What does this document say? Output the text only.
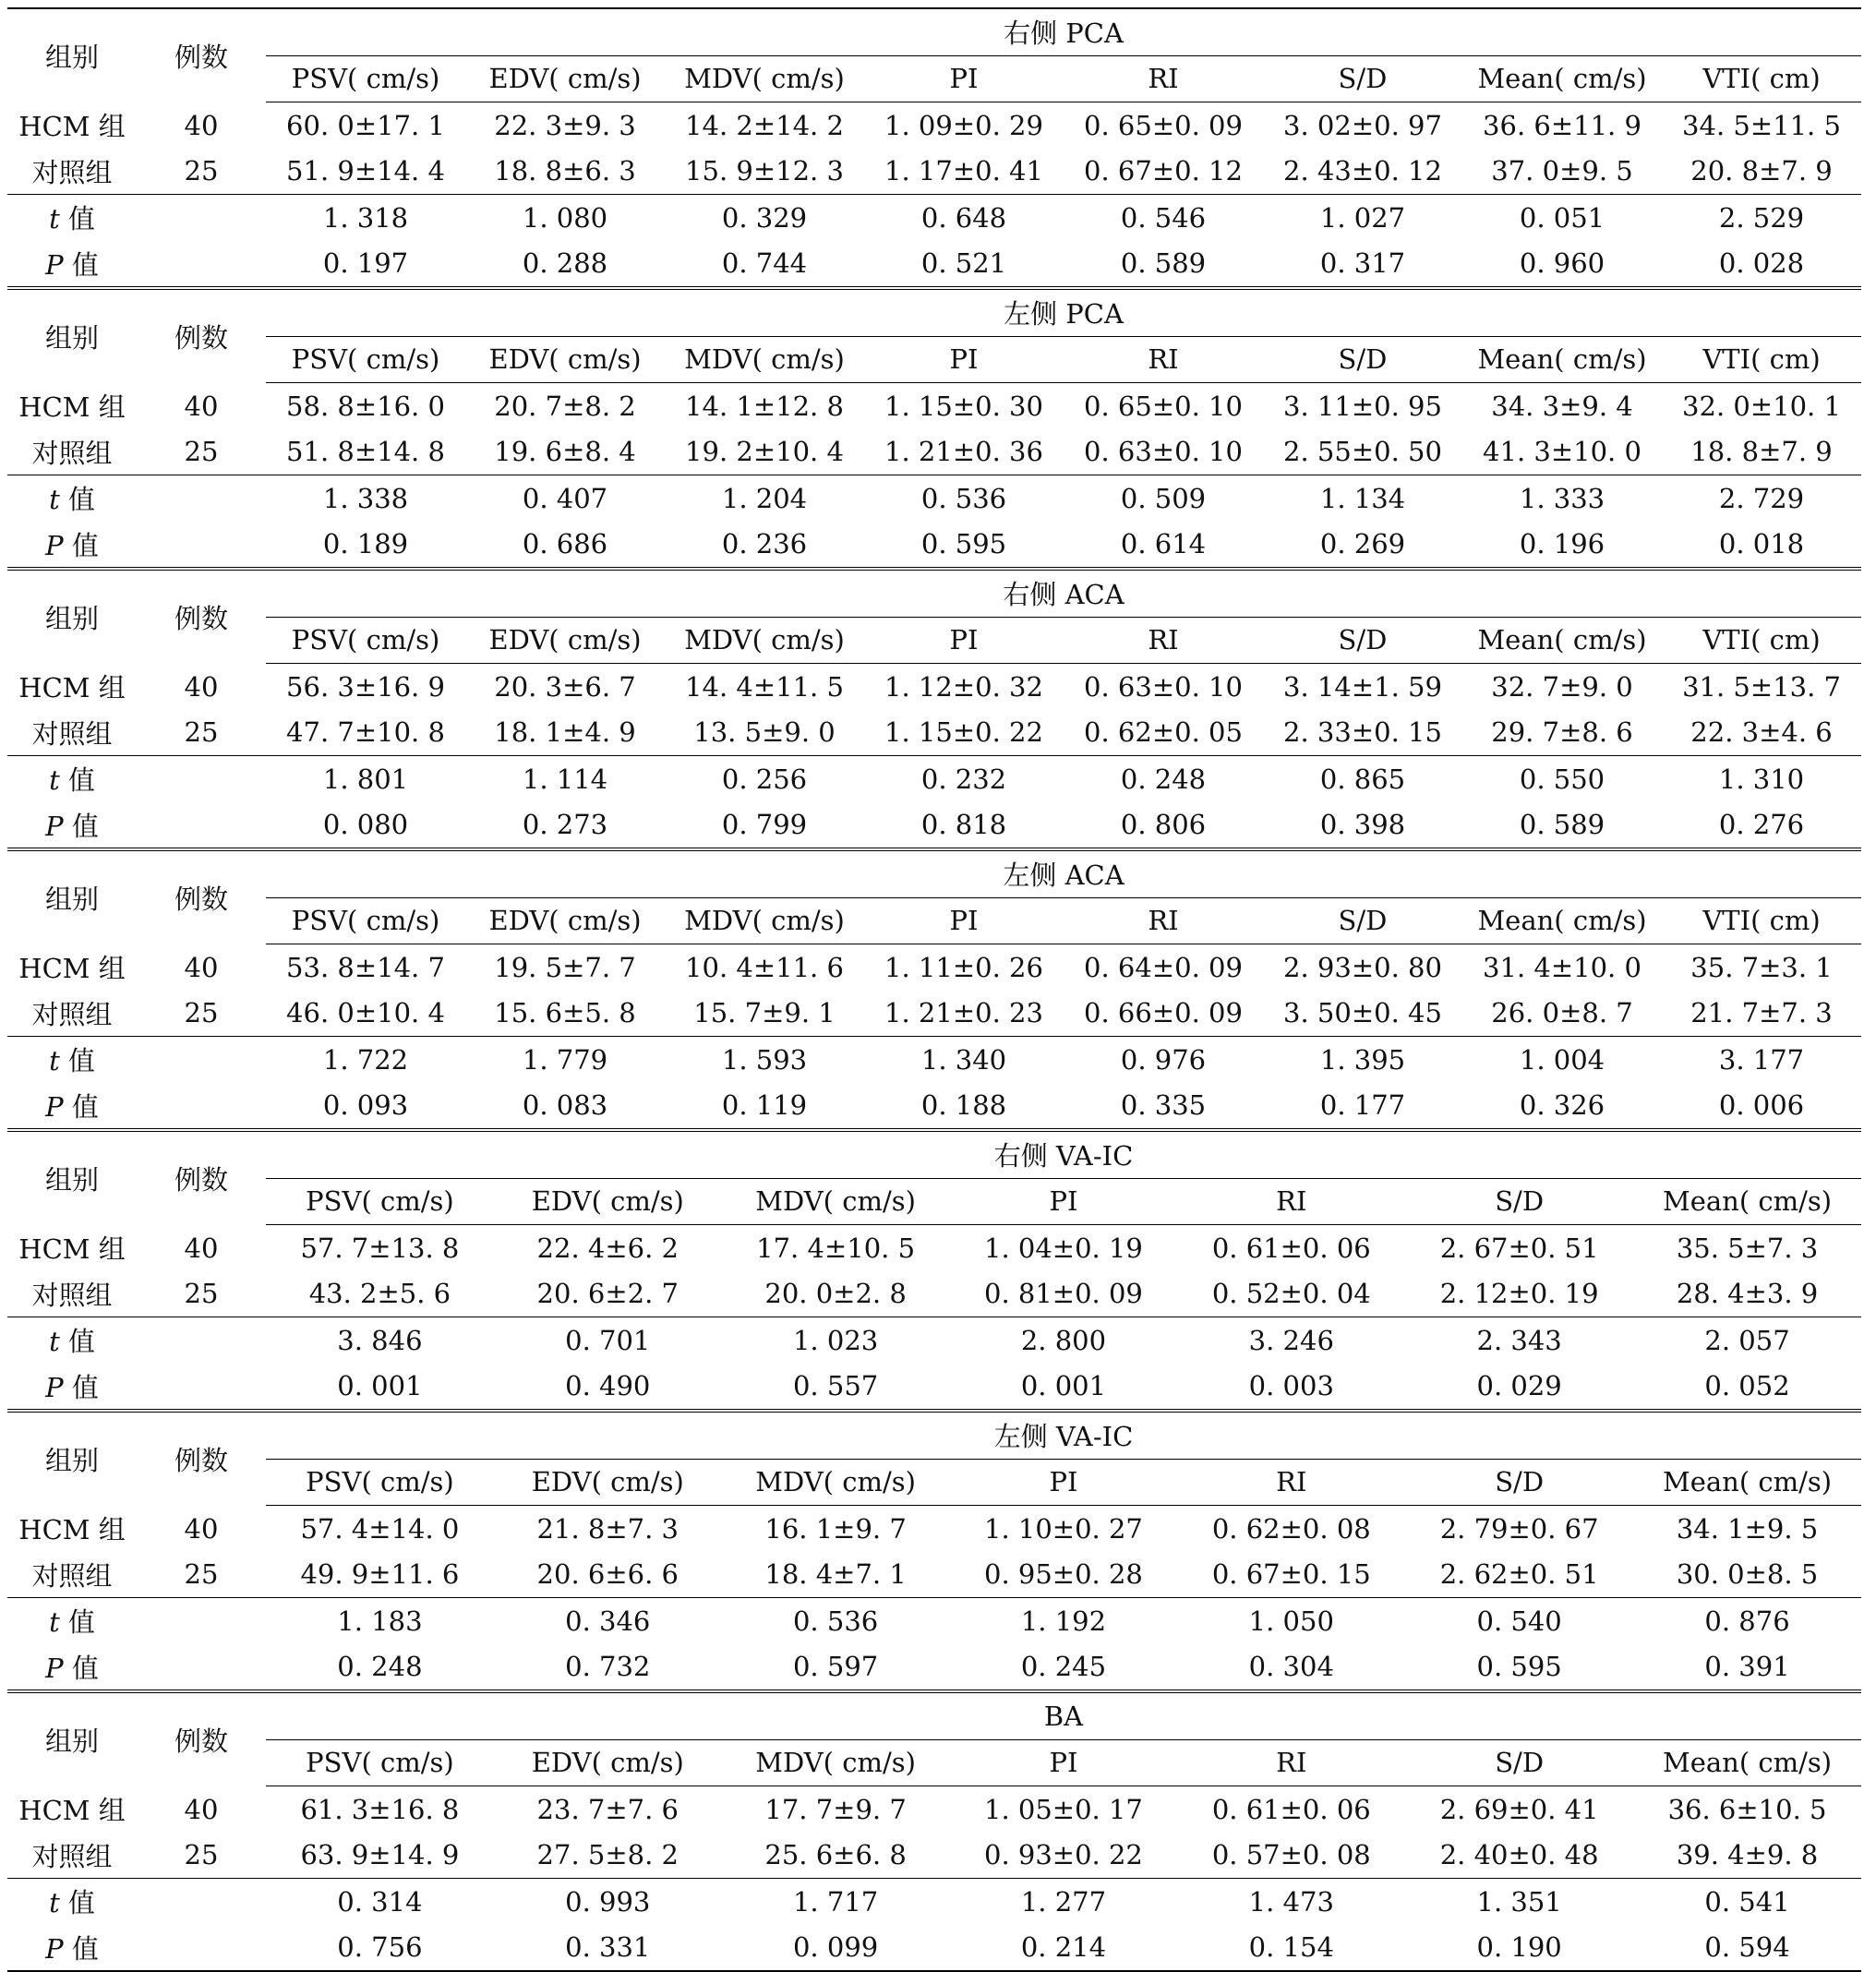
组别	例数	右侧 PCA							
		PSV( cm/s)	EDV( cm/s)	MDV( cm/s)	PI	RI	S/D	Mean( cm/s)	VTI( cm)
HCM 组	40	60. 0±17. 1	22. 3±9. 3	14. 2±14. 2	1. 09±0. 29	0. 65±0. 09	3. 02±0. 97	36. 6±11. 9	34. 5±11. 5
对照组	25	51. 9±14. 4	18. 8±6. 3	15. 9±12. 3	1. 17±0. 41	0. 67±0. 12	2. 43±0. 12	37. 0±9. 5	20. 8±7. 9
t 值		1. 318	1. 080	0. 329	0. 648	0. 546	1. 027	0. 051	2. 529
P 值		0. 197	0. 288	0. 744	0. 521	0. 589	0. 317	0. 960	0. 028
组别	例数	左侧 PCA							
		PSV( cm/s)	EDV( cm/s)	MDV( cm/s)	PI	RI	S/D	Mean( cm/s)	VTI( cm)
HCM 组	40	58. 8±16. 0	20. 7±8. 2	14. 1±12. 8	1. 15±0. 30	0. 65±0. 10	3. 11±0. 95	34. 3±9. 4	32. 0±10. 1
对照组	25	51. 8±14. 8	19. 6±8. 4	19. 2±10. 4	1. 21±0. 36	0. 63±0. 10	2. 55±0. 50	41. 3±10. 0	18. 8±7. 9
t 值		1. 338	0. 407	1. 204	0. 536	0. 509	1. 134	1. 333	2. 729
P 值		0. 189	0. 686	0. 236	0. 595	0. 614	0. 269	0. 196	0. 018
组别	例数	右侧 ACA							
		PSV( cm/s)	EDV( cm/s)	MDV( cm/s)	PI	RI	S/D	Mean( cm/s)	VTI( cm)
HCM 组	40	56. 3±16. 9	20. 3±6. 7	14. 4±11. 5	1. 12±0. 32	0. 63±0. 10	3. 14±1. 59	32. 7±9. 0	31. 5±13. 7
对照组	25	47. 7±10. 8	18. 1±4. 9	13. 5±9. 0	1. 15±0. 22	0. 62±0. 05	2. 33±0. 15	29. 7±8. 6	22. 3±4. 6
t 值		1. 801	1. 114	0. 256	0. 232	0. 248	0. 865	0. 550	1. 310
P 值		0. 080	0. 273	0. 799	0. 818	0. 806	0. 398	0. 589	0. 276
组别	例数	左侧 ACA							
		PSV( cm/s)	EDV( cm/s)	MDV( cm/s)	PI	RI	S/D	Mean( cm/s)	VTI( cm)
HCM 组	40	53. 8±14. 7	19. 5±7. 7	10. 4±11. 6	1. 11±0. 26	0. 64±0. 09	2. 93±0. 80	31. 4±10. 0	35. 7±3. 1
对照组	25	46. 0±10. 4	15. 6±5. 8	15. 7±9. 1	1. 21±0. 23	0. 66±0. 09	3. 50±0. 45	26. 0±8. 7	21. 7±7. 3
t 值		1. 722	1. 779	1. 593	1. 340	0. 976	1. 395	1. 004	3. 177
P 值		0. 093	0. 083	0. 119	0. 188	0. 335	0. 177	0. 326	0. 006
组别	例数	右侧 VA-IC						
		PSV( cm/s)	EDV( cm/s)	MDV( cm/s)	PI	RI	S/D	Mean( cm/s)
HCM 组	40	57. 7±13. 8	22. 4±6. 2	17. 4±10. 5	1. 04±0. 19	0. 61±0. 06	2. 67±0. 51	35. 5±7. 3
对照组	25	43. 2±5. 6	20. 6±2. 7	20. 0±2. 8	0. 81±0. 09	0. 52±0. 04	2. 12±0. 19	28. 4±3. 9
t 值		3. 846	0. 701	1. 023	2. 800	3. 246	2. 343	2. 057
P 值		0. 001	0. 490	0. 557	0. 001	0. 003	0. 029	0. 052
组别	例数	左侧 VA-IC						
		PSV( cm/s)	EDV( cm/s)	MDV( cm/s)	PI	RI	S/D	Mean( cm/s)
HCM 组	40	57. 4±14. 0	21. 8±7. 3	16. 1±9. 7	1. 10±0. 27	0. 62±0. 08	2. 79±0. 67	34. 1±9. 5
对照组	25	49. 9±11. 6	20. 6±6. 6	18. 4±7. 1	0. 95±0. 28	0. 67±0. 15	2. 62±0. 51	30. 0±8. 5
t 值		1. 183	0. 346	0. 536	1. 192	1. 050	0. 540	0. 876
P 值		0. 248	0. 732	0. 597	0. 245	0. 304	0. 595	0. 391
组别	例数	BA						
		PSV( cm/s)	EDV( cm/s)	MDV( cm/s)	PI	RI	S/D	Mean( cm/s)
HCM 组	40	61. 3±16. 8	23. 7±7. 6	17. 7±9. 7	1. 05±0. 17	0. 61±0. 06	2. 69±0. 41	36. 6±10. 5
对照组	25	63. 9±14. 9	27. 5±8. 2	25. 6±6. 8	0. 93±0. 22	0. 57±0. 08	2. 40±0. 48	39. 4±9. 8
t 值		0. 314	0. 993	1. 717	1. 277	1. 473	1. 351	0. 541
P 值		0. 756	0. 331	0. 099	0. 214	0. 154	0. 190	0. 594
